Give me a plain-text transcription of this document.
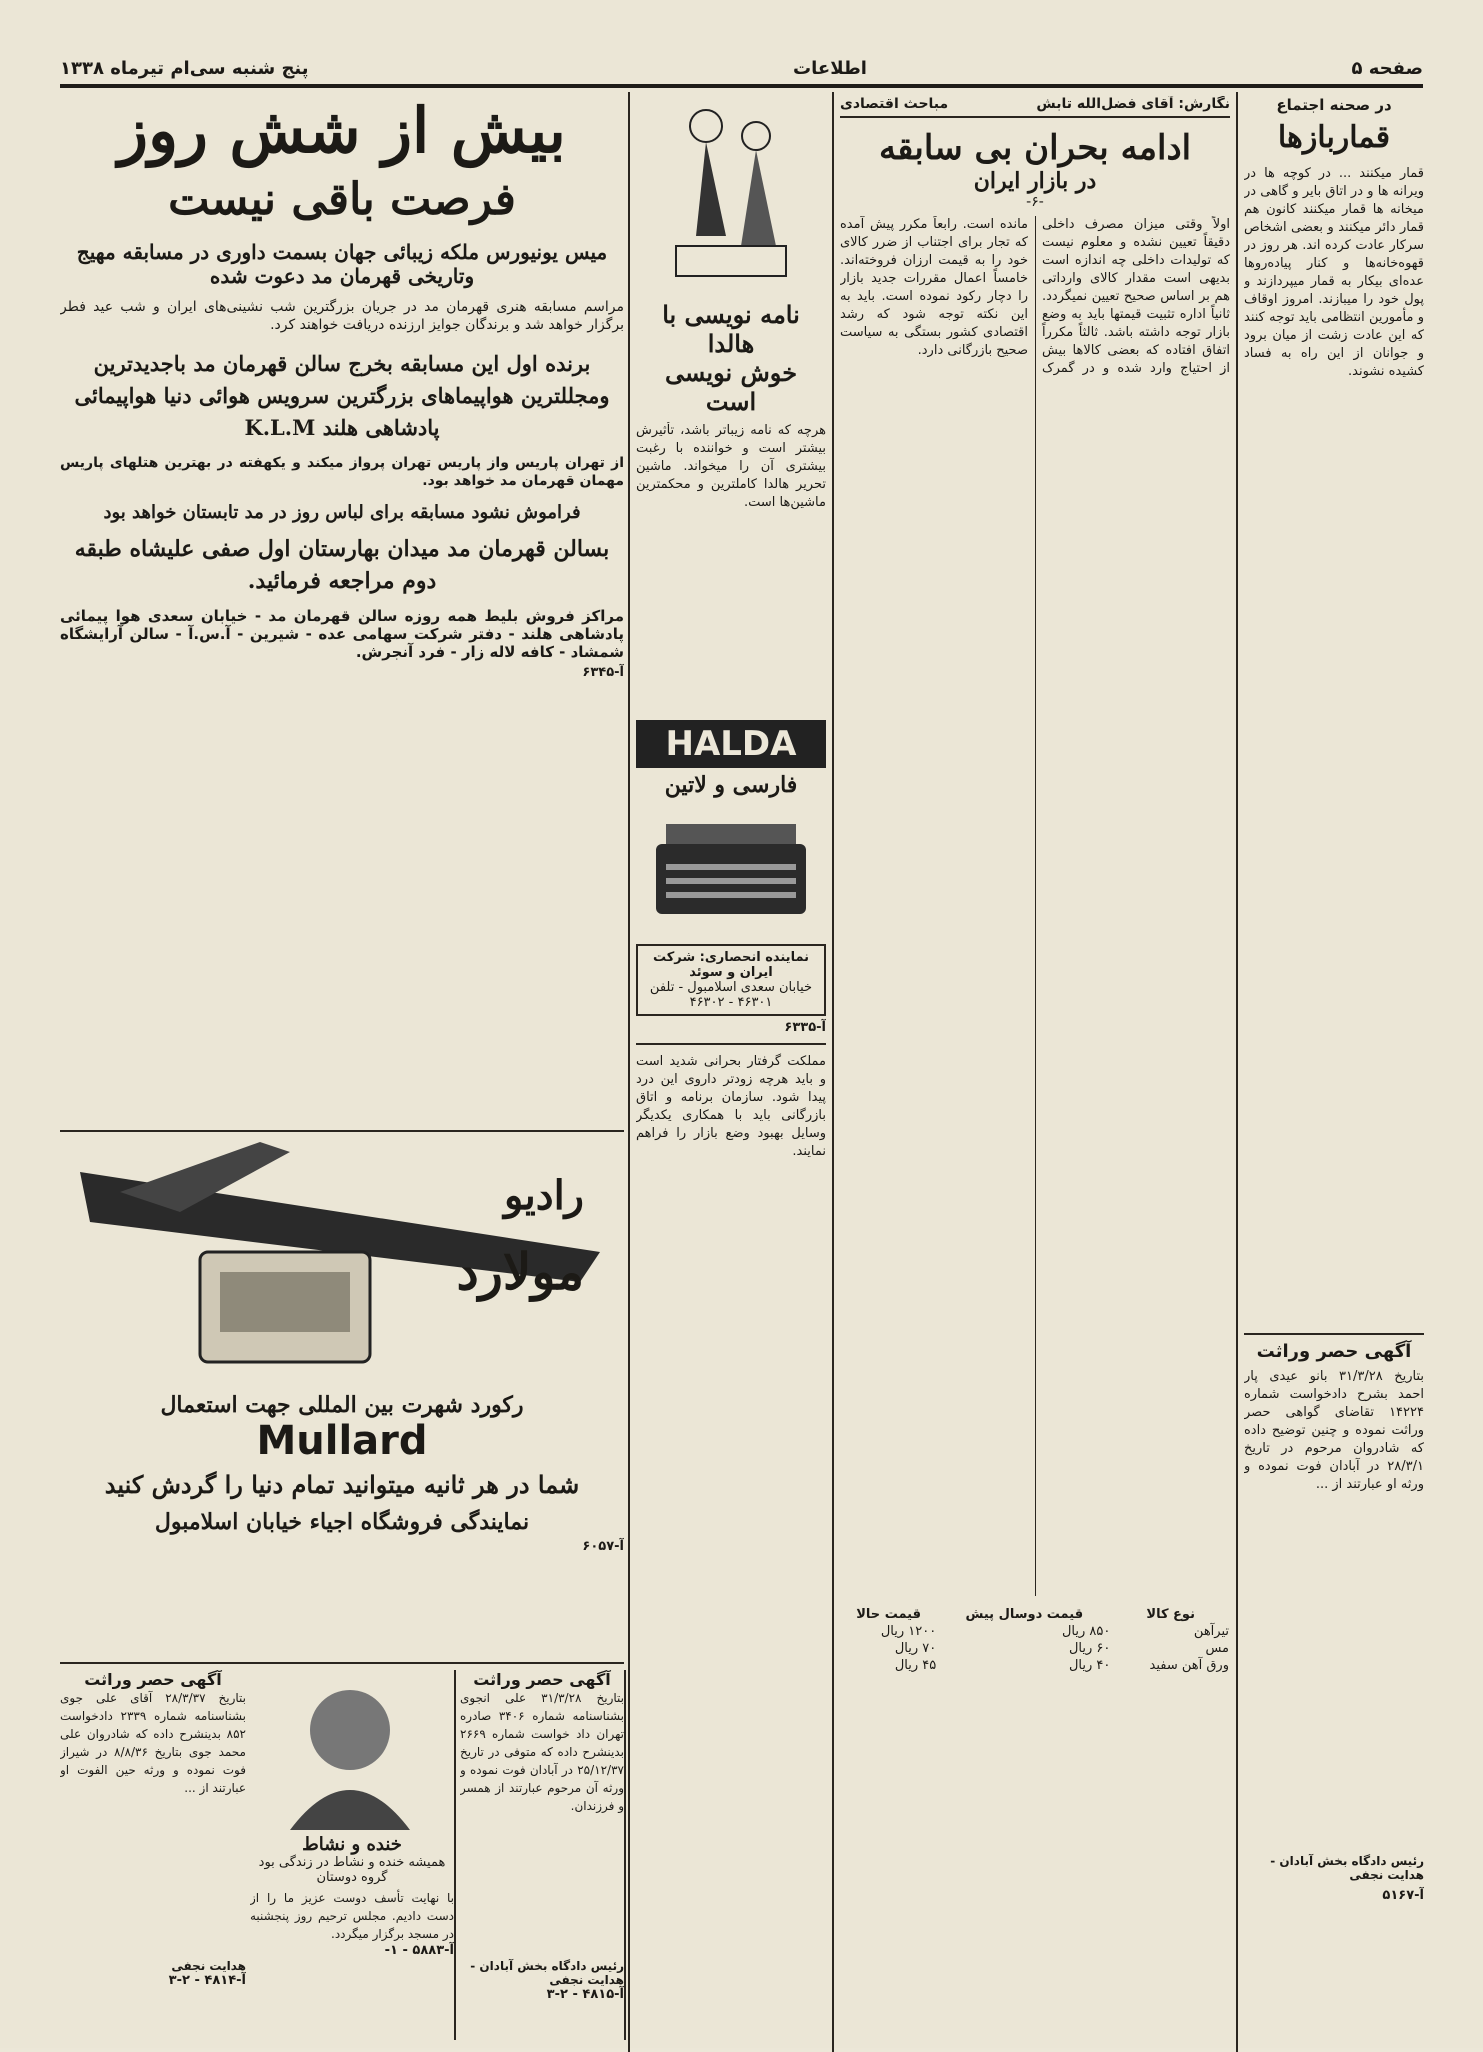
صفحه ۵
اطلاعات
پنج شنبه سی‌ام تیرماه ۱۳۳۸
در صحنه اجتماع
قماربازها
قمار میکنند ... در کوچه ها در ویرانه ها و در اتاق بایر و گاهی در میخانه ها قمار میکنند کانون هم قمار دائر میکنند و بعضی اشخاص سرکار عادت کرده اند. هر روز در قهوه‌خانه‌ها و کنار پیاده‌روها عده‌ای بیکار به قمار میپردازند و پول خود را میبازند. امروز اوقاف و مأمورین انتظامی باید توجه کنند که این عادت زشت از میان برود و جوانان از این راه به فساد کشیده نشوند.
آگهی حصر وراثت
بتاریخ ۳۱/۳/۲۸ بانو عیدی پار احمد بشرح دادخواست شماره ۱۴۲۲۴ تقاضای گواهی حصر وراثت نموده و چنین توضیح داده که شادروان مرحوم در تاریخ ۲۸/۳/۱ در آبادان فوت نموده و ورثه او عبارتند از ...
رئیس دادگاه بخش آبادان - هدایت نجفی
آ-۵۱۶۷
نگارش: آقای فضل‌الله تابش
مباحث اقتصادی
ادامه بحران بی سابقه
در بازار ایران
-۶-
اولاً وقتی میزان مصرف داخلی دقیقاً تعیین نشده و معلوم نیست که تولیدات داخلی چه اندازه است بدیهی است مقدار کالای وارداتی هم بر اساس صحیح تعیین نمیگردد. ثانیاً اداره تثبیت قیمتها باید به وضع بازار توجه داشته باشد. ثالثاً مکرراً اتفاق افتاده که بعضی کالاها بیش از احتیاج وارد شده و در گمرک مانده است. رابعاً مکرر پیش آمده که تجار برای اجتناب از ضرر کالای خود را به قیمت ارزان فروخته‌اند. خامساً اعمال مقررات جدید بازار را دچار رکود نموده است. باید به این نکته توجه شود که رشد اقتصادی کشور بستگی به سیاست صحیح بازرگانی دارد.
نوع کالا	قیمت دوسال پیش	قیمت حالا
تیرآهن	۸۵۰ ریال	۱۲۰۰ ریال
مس	۶۰ ریال	۷۰ ریال
ورق آهن سفید	۴۰ ریال	۴۵ ریال
نامه نویسی با هالدا
خوش نویسی است
هرچه که نامه زیباتر باشد، تأثیرش بیشتر است و خواننده با رغبت بیشتری آن را میخواند. ماشین تحریر هالدا کاملترین و محکمترین ماشین‌ها است.
HALDA
فارسی و لاتین
نماینده انحصاری: شرکت ایران و سوئد
خیابان سعدی اسلامبول - تلفن ۴۶۳۰۱ - ۴۶۳۰۲
آ-۶۳۳۵
مملکت گرفتار بحرانی شدید است و باید هرچه زودتر داروی این درد پیدا شود. سازمان برنامه و اتاق بازرگانی باید با همکاری یکدیگر وسایل بهبود وضع بازار را فراهم نمایند.
بیش از شش روز
فرصت باقی نیست
میس یونیورس ملکه زیبائی جهان بسمت داوری در مسابقه مهیج
وتاریخی قهرمان مد دعوت شده
مراسم مسابقه هنری قهرمان مد در جریان بزرگترین شب نشینی‌های ایران و شب عید فطر برگزار خواهد شد و برندگان جوایز ارزنده دریافت خواهند کرد.
برنده اول این مسابقه بخرج سالن قهرمان مد باجدیدترین ومجللترین هواپیماهای بزرگترین سرویس هوائی دنیا هواپیمائی پادشاهی هلند K.L.M
از تهران پاریس واز پاریس تهران پرواز میکند و یکهفته در بهترین هتلهای پاریس مهمان قهرمان مد خواهد بود.
فراموش نشود مسابقه برای لباس روز در مد تابستان خواهد بود
بسالن قهرمان مد میدان بهارستان اول صفی علیشاه طبقه دوم مراجعه فرمائید.
مراکز فروش بلیط همه روزه سالن قهرمان مد - خیابان سعدی هوا پیمائی پادشاهی هلند - دفتر شرکت سهامی عده - شیرین - آ.س.آ - سالن آرایشگاه شمشاد - کافه لاله زار - فرد آنجرش.
آ-۶۳۴۵
رادیو
مولارد
رکورد شهرت بین المللی جهت استعمال
Mullard
شما در هر ثانیه میتوانید تمام دنیا را گردش کنید
نمایندگی فروشگاه اجیاء خیابان اسلامبول
آ-۶۰۵۷
آگهی حصر وراثت
بتاریخ ۳۱/۳/۲۸ علی انجوی بشناسنامه شماره ۳۴۰۶ صادره تهران داد خواست شماره ۲۶۶۹ بدینشرح داده که متوفی در تاریخ ۲۵/۱۲/۳۷ در آبادان فوت نموده و ورثه آن مرحوم عبارتند از همسر و فرزندان.
رئیس دادگاه بخش آبادان - هدایت نجفی
آ-۴۸۱۵ - ۲-۳
خنده و نشاط
همیشه خنده و نشاط در زندگی بود
گروه دوستان
با نهایت تأسف دوست عزیز ما را از دست دادیم. مجلس ترحیم روز پنجشنبه در مسجد برگزار میگردد.
آ-۵۸۸۳ - ۱-
آگهی حصر وراثت
بتاریخ ۲۸/۳/۳۷ آقای علی جوی بشناسنامه شماره ۲۳۳۹ دادخواست ۸۵۲ بدینشرح داده که شادروان علی محمد جوی بتاریخ ۸/۸/۳۶ در شیراز فوت نموده و ورثه حین الفوت او عبارتند از ...
هدایت نجفی
آ-۴۸۱۴ - ۲-۳
